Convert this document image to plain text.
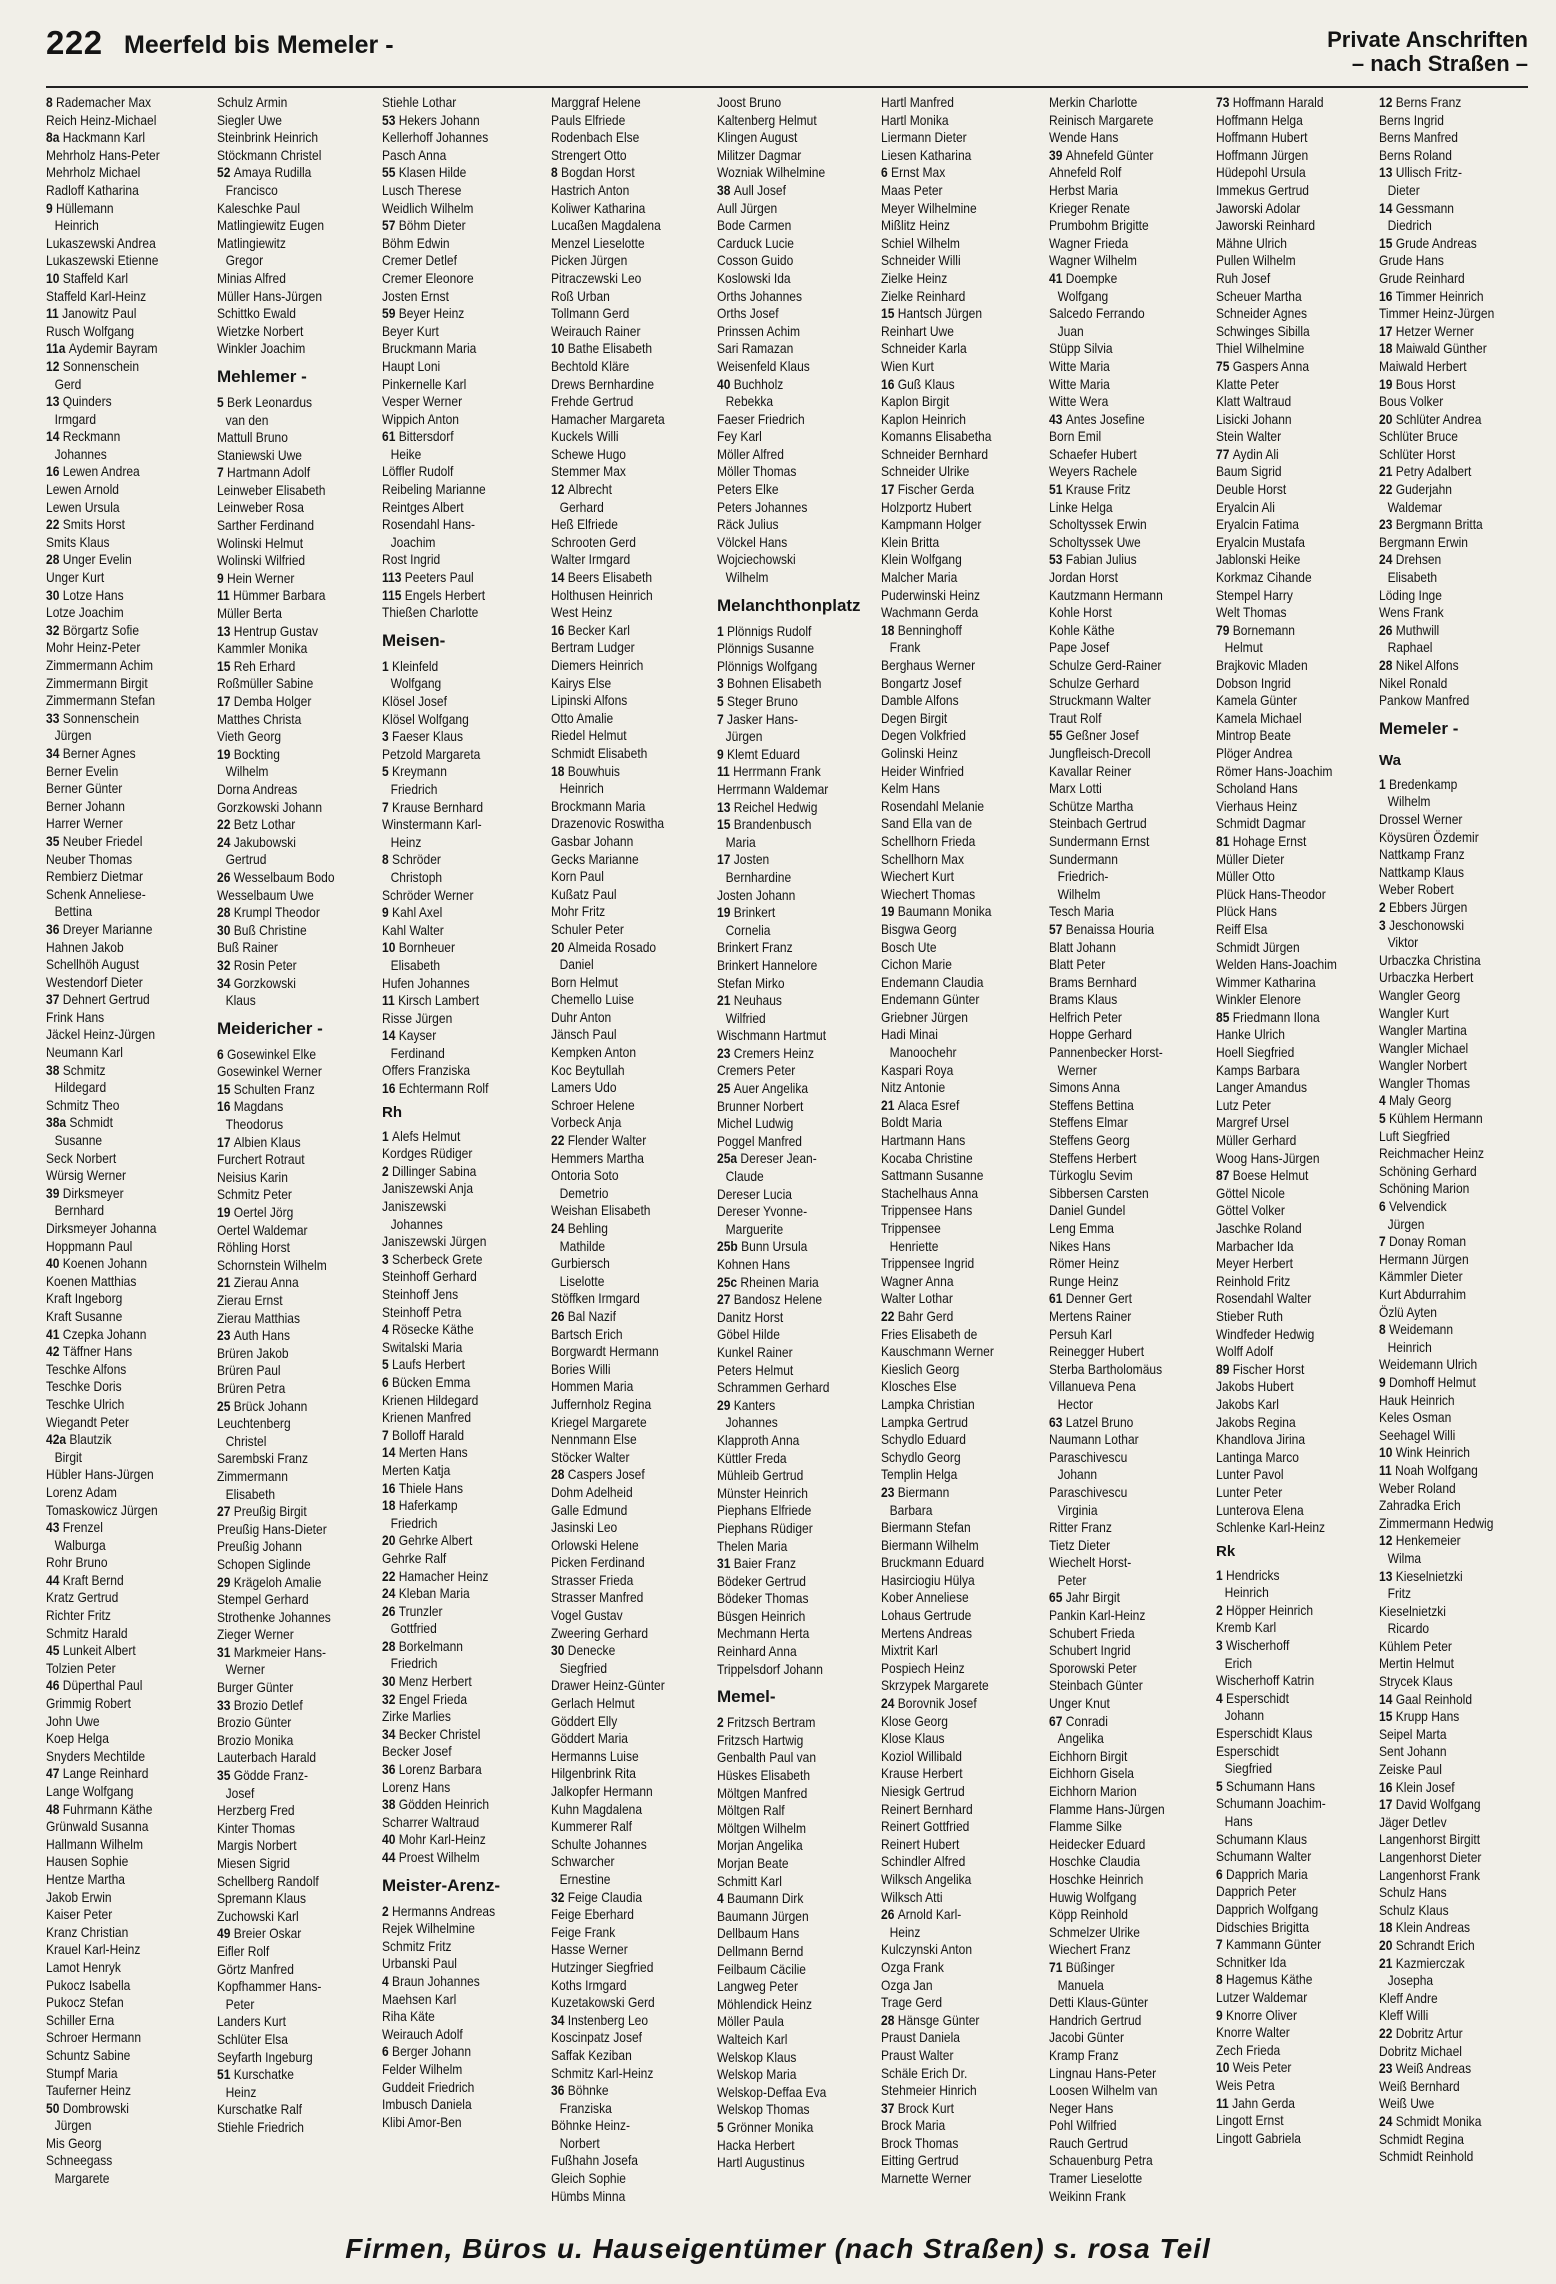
222 Meerfeld bis Memeler -	Private Anschriften
– nach Straßen –
8 Rademacher Max
Reich Heinz-Michael
8a Hackmann Karl
Mehrholz Hans-Peter
Mehrholz Michael
Radloff Katharina
9 Hüllemann
Heinrich
Lukaszewski Andrea
Lukaszewski Etienne
10 Staffeld Karl
Staffeld Karl-Heinz
11 Janowitz Paul
Rusch Wolfgang
11a Aydemir Bayram
12 Sonnenschein
Gerd
13 Quinders
Irmgard
14 Reckmann
Johannes
16 Lewen Andrea
Lewen Arnold
Lewen Ursula
22 Smits Horst
Smits Klaus
28 Unger Evelin
Unger Kurt
30 Lotze Hans
Lotze Joachim
32 Börgartz Sofie
Mohr Heinz-Peter
Zimmermann Achim
Zimmermann Birgit
Zimmermann Stefan
33 Sonnenschein
Jürgen
34 Berner Agnes
Berner Evelin
Berner Günter
Berner Johann
Harrer Werner
35 Neuber Friedel
Neuber Thomas
Rembierz Dietmar
Schenk Anneliese-
Bettina
36 Dreyer Marianne
Hahnen Jakob
Schellhöh August
Westendorf Dieter
37 Dehnert Gertrud
Frink Hans
Jäckel Heinz-Jürgen
Neumann Karl
38 Schmitz
Hildegard
Schmitz Theo
38a Schmidt
Susanne
Seck Norbert
Würsig Werner
39 Dirksmeyer
Bernhard
Dirksmeyer Johanna
Hoppmann Paul
40 Koenen Johann
Koenen Matthias
Kraft Ingeborg
Kraft Susanne
41 Czepka Johann
42 Täffner Hans
Teschke Alfons
Teschke Doris
Teschke Ulrich
Wiegandt Peter
42a Blautzik
Birgit
Hübler Hans-Jürgen
Lorenz Adam
Tomaskowicz Jürgen
43 Frenzel
Walburga
Rohr Bruno
44 Kraft Bernd
Kratz Gertrud
Richter Fritz
Schmitz Harald
45 Lunkeit Albert
Tolzien Peter
46 Düperthal Paul
Grimmig Robert
John Uwe
Koep Helga
Snyders Mechtilde
47 Lange Reinhard
Lange Wolfgang
48 Fuhrmann Käthe
Grünwald Susanna
Hallmann Wilhelm
Hausen Sophie
Hentze Martha
Jakob Erwin
Kaiser Peter
Kranz Christian
Krauel Karl-Heinz
Lamot Henryk
Pukocz Isabella
Pukocz Stefan
Schiller Erna
Schroer Hermann
Schuntz Sabine
Stumpf Maria
Tauferner Heinz
50 Dombrowski
Jürgen
Mis Georg
Schneegass
Margarete
Schulz Armin
Siegler Uwe
Steinbrink Heinrich
Stöckmann Christel
52 Amaya Rudilla
Francisco
Kaleschke Paul
Matlingiewitz Eugen
Matlingiewitz
Gregor
Minias Alfred
Müller Hans-Jürgen
Schittko Ewald
Wietzke Norbert
Winkler Joachim
Mehlemer -
5 Berk Leonardus
van den
Mattull Bruno
Staniewski Uwe
7 Hartmann Adolf
Leinweber Elisabeth
Leinweber Rosa
Sarther Ferdinand
Wolinski Helmut
Wolinski Wilfried
9 Hein Werner
11 Hümmer Barbara
Müller Berta
13 Hentrup Gustav
Kammler Monika
15 Reh Erhard
Roßmüller Sabine
17 Demba Holger
Matthes Christa
Vieth Georg
19 Bockting
Wilhelm
Dorna Andreas
Gorzkowski Johann
22 Betz Lothar
24 Jakubowski
Gertrud
26 Wesselbaum Bodo
Wesselbaum Uwe
28 Krumpl Theodor
30 Buß Christine
Buß Rainer
32 Rosin Peter
34 Gorzkowski
Klaus
Meidericher -
6 Gosewinkel Elke
Gosewinkel Werner
15 Schulten Franz
16 Magdans
Theodorus
17 Albien Klaus
Furchert Rotraut
Neisius Karin
Schmitz Peter
19 Oertel Jörg
Oertel Waldemar
Röhling Horst
Schornstein Wilhelm
21 Zierau Anna
Zierau Ernst
Zierau Matthias
23 Auth Hans
Brüren Jakob
Brüren Paul
Brüren Petra
25 Brück Johann
Leuchtenberg
Christel
Sarembski Franz
Zimmermann
Elisabeth
27 Preußig Birgit
Preußig Hans-Dieter
Preußig Johann
Schopen Siglinde
29 Krägeloh Amalie
Stempel Gerhard
Strothenke Johannes
Zieger Werner
31 Markmeier Hans-
Werner
Burger Günter
33 Brozio Detlef
Brozio Günter
Brozio Monika
Lauterbach Harald
35 Gödde Franz-
Josef
Herzberg Fred
Kinter Thomas
Margis Norbert
Miesen Sigrid
Schellberg Randolf
Spremann Klaus
Zuchowski Karl
49 Breier Oskar
Eifler Rolf
Görtz Manfred
Kopfhammer Hans-
Peter
Landers Kurt
Schlüter Elsa
Seyfarth Ingeburg
51 Kurschatke
Heinz
Kurschatke Ralf
Stiehle Friedrich
Stiehle Lothar
53 Hekers Johann
Kellerhoff Johannes
Pasch Anna
55 Klasen Hilde
Lusch Therese
Weidlich Wilhelm
57 Böhm Dieter
Böhm Edwin
Cremer Detlef
Cremer Eleonore
Josten Ernst
59 Beyer Heinz
Beyer Kurt
Bruckmann Maria
Haupt Loni
Pinkernelle Karl
Vesper Werner
Wippich Anton
61 Bittersdorf
Heike
Löffler Rudolf
Reibeling Marianne
Reintges Albert
Rosendahl Hans-
Joachim
Rost Ingrid
113 Peeters Paul
115 Engels Herbert
Thießen Charlotte
Meisen-
1 Kleinfeld
Wolfgang
Klösel Josef
Klösel Wolfgang
3 Faeser Klaus
Petzold Margareta
5 Kreymann
Friedrich
7 Krause Bernhard
Winstermann Karl-
Heinz
8 Schröder
Christoph
Schröder Werner
9 Kahl Axel
Kahl Walter
10 Bornheuer
Elisabeth
Hufen Johannes
11 Kirsch Lambert
Risse Jürgen
14 Kayser
Ferdinand
Offers Franziska
16 Echtermann Rolf
Rh
1 Alefs Helmut
Kordges Rüdiger
2 Dillinger Sabina
Janiszewski Anja
Janiszewski
Johannes
Janiszewski Jürgen
3 Scherbeck Grete
Steinhoff Gerhard
Steinhoff Jens
Steinhoff Petra
4 Rösecke Käthe
Switalski Maria
5 Laufs Herbert
6 Bücken Emma
Krienen Hildegard
Krienen Manfred
7 Bolloff Harald
14 Merten Hans
Merten Katja
16 Thiele Hans
18 Haferkamp
Friedrich
20 Gehrke Albert
Gehrke Ralf
22 Hamacher Heinz
24 Kleban Maria
26 Trunzler
Gottfried
28 Borkelmann
Friedrich
30 Menz Herbert
32 Engel Frieda
Zirke Marlies
34 Becker Christel
Becker Josef
36 Lorenz Barbara
Lorenz Hans
38 Gödden Heinrich
Scharrer Waltraud
40 Mohr Karl-Heinz
44 Proest Wilhelm
Meister-Arenz-
2 Hermanns Andreas
Rejek Wilhelmine
Schmitz Fritz
Urbanski Paul
4 Braun Johannes
Maehsen Karl
Riha Käte
Weirauch Adolf
6 Berger Johann
Felder Wilhelm
Guddeit Friedrich
Imbusch Daniela
Klibi Amor-Ben
Marggraf Helene
Pauls Elfriede
Rodenbach Else
Strengert Otto
8 Bogdan Horst
Hastrich Anton
Koliwer Katharina
Lucaßen Magdalena
Menzel Lieselotte
Picken Jürgen
Pitraczewski Leo
Roß Urban
Tollmann Gerd
Weirauch Rainer
10 Bathe Elisabeth
Bechtold Kläre
Drews Bernhardine
Frehde Gertrud
Hamacher Margareta
Kuckels Willi
Schewe Hugo
Stemmer Max
12 Albrecht
Gerhard
Heß Elfriede
Schrooten Gerd
Walter Irmgard
14 Beers Elisabeth
Holthusen Heinrich
West Heinz
16 Becker Karl
Bertram Ludger
Diemers Heinrich
Kairys Else
Lipinski Alfons
Otto Amalie
Riedel Helmut
Schmidt Elisabeth
18 Bouwhuis
Heinrich
Brockmann Maria
Drazenovic Roswitha
Gasbar Johann
Gecks Marianne
Korn Paul
Kußatz Paul
Mohr Fritz
Schuler Peter
20 Almeida Rosado
Daniel
Born Helmut
Chemello Luise
Duhr Anton
Jänsch Paul
Kempken Anton
Koc Beytullah
Lamers Udo
Schroer Helene
Vorbeck Anja
22 Flender Walter
Hemmers Martha
Ontoria Soto
Demetrio
Weishan Elisabeth
24 Behling
Mathilde
Gurbiersch
Liselotte
Stöffken Irmgard
26 Bal Nazif
Bartsch Erich
Borgwardt Hermann
Bories Willi
Hommen Maria
Juffernholz Regina
Kriegel Margarete
Nennmann Else
Stöcker Walter
28 Caspers Josef
Dohm Adelheid
Galle Edmund
Jasinski Leo
Orlowski Helene
Picken Ferdinand
Strasser Frieda
Strasser Manfred
Vogel Gustav
Zweering Gerhard
30 Denecke
Siegfried
Drawer Heinz-Günter
Gerlach Helmut
Göddert Elly
Göddert Maria
Hermanns Luise
Hilgenbrink Rita
Jalkopfer Hermann
Kuhn Magdalena
Kummerer Ralf
Schulte Johannes
Schwarcher
Ernestine
32 Feige Claudia
Feige Eberhard
Feige Frank
Hasse Werner
Hutzinger Siegfried
Koths Irmgard
Kuzetakowski Gerd
34 Instenberg Leo
Koscinpatz Josef
Saffak Keziban
Schmitz Karl-Heinz
36 Böhnke
Franziska
Böhnke Heinz-
Norbert
Fußhahn Josefa
Gleich Sophie
Hümbs Minna
Joost Bruno
Kaltenberg Helmut
Klingen August
Militzer Dagmar
Wozniak Wilhelmine
38 Aull Josef
Aull Jürgen
Bode Carmen
Carduck Lucie
Cosson Guido
Koslowski Ida
Orths Johannes
Orths Josef
Prinssen Achim
Sari Ramazan
Weisenfeld Klaus
40 Buchholz
Rebekka
Faeser Friedrich
Fey Karl
Möller Alfred
Möller Thomas
Peters Elke
Peters Johannes
Räck Julius
Völckel Hans
Wojciechowski
Wilhelm
Melanchthonplatz
1 Plönnigs Rudolf
Plönnigs Susanne
Plönnigs Wolfgang
3 Bohnen Elisabeth
5 Steger Bruno
7 Jasker Hans-
Jürgen
9 Klemt Eduard
11 Herrmann Frank
Herrmann Waldemar
13 Reichel Hedwig
15 Brandenbusch
Maria
17 Josten
Bernhardine
Josten Johann
19 Brinkert
Cornelia
Brinkert Franz
Brinkert Hannelore
Stefan Mirko
21 Neuhaus
Wilfried
Wischmann Hartmut
23 Cremers Heinz
Cremers Peter
25 Auer Angelika
Brunner Norbert
Michel Ludwig
Poggel Manfred
25a Dereser Jean-
Claude
Dereser Lucia
Dereser Yvonne-
Marguerite
25b Bunn Ursula
Kohnen Hans
25c Rheinen Maria
27 Bandosz Helene
Danitz Horst
Göbel Hilde
Kunkel Rainer
Peters Helmut
Schrammen Gerhard
29 Kanters
Johannes
Klapproth Anna
Küttler Freda
Mühleib Gertrud
Münster Heinrich
Piephans Elfriede
Piephans Rüdiger
Thelen Maria
31 Baier Franz
Bödeker Gertrud
Bödeker Thomas
Büsgen Heinrich
Mechmann Herta
Reinhard Anna
Trippelsdorf Johann
Memel-
2 Fritzsch Bertram
Fritzsch Hartwig
Genbalth Paul van
Hüskes Elisabeth
Möltgen Manfred
Möltgen Ralf
Möltgen Wilhelm
Morjan Angelika
Morjan Beate
Schmitt Karl
4 Baumann Dirk
Baumann Jürgen
Dellbaum Hans
Dellmann Bernd
Feilbaum Cäcilie
Langweg Peter
Möhlendick Heinz
Möller Paula
Walteich Karl
Welskop Klaus
Welskop Maria
Welskop-Deffaa Eva
Welskop Thomas
5 Grönner Monika
Hacka Herbert
Hartl Augustinus
Hartl Manfred
Hartl Monika
Liermann Dieter
Liesen Katharina
6 Ernst Max
Maas Peter
Meyer Wilhelmine
Mißlitz Heinz
Schiel Wilhelm
Schneider Willi
Zielke Heinz
Zielke Reinhard
15 Hantsch Jürgen
Reinhart Uwe
Schneider Karla
Wien Kurt
16 Guß Klaus
Kaplon Birgit
Kaplon Heinrich
Komanns Elisabetha
Schneider Bernhard
Schneider Ulrike
17 Fischer Gerda
Holzportz Hubert
Kampmann Holger
Klein Britta
Klein Wolfgang
Malcher Maria
Puderwinski Heinz
Wachmann Gerda
18 Benninghoff
Frank
Berghaus Werner
Bongartz Josef
Damble Alfons
Degen Birgit
Degen Volkfried
Golinski Heinz
Heider Winfried
Kelm Hans
Rosendahl Melanie
Sand Ella van de
Schellhorn Frieda
Schellhorn Max
Wiechert Kurt
Wiechert Thomas
19 Baumann Monika
Bisgwa Georg
Bosch Ute
Cichon Marie
Endemann Claudia
Endemann Günter
Griebner Jürgen
Hadi Minai
Manoochehr
Kaspari Roya
Nitz Antonie
21 Alaca Esref
Boldt Maria
Hartmann Hans
Kocaba Christine
Sattmann Susanne
Stachelhaus Anna
Trippensee Hans
Trippensee
Henriette
Trippensee Ingrid
Wagner Anna
Walter Lothar
22 Bahr Gerd
Fries Elisabeth de
Kauschmann Werner
Kieslich Georg
Klosches Else
Lampka Christian
Lampka Gertrud
Schydlo Eduard
Schydlo Georg
Templin Helga
23 Biermann
Barbara
Biermann Stefan
Biermann Wilhelm
Bruckmann Eduard
Hasirciogiu Hülya
Kober Anneliese
Lohaus Gertrude
Mertens Andreas
Mixtrit Karl
Pospiech Heinz
Skrzypek Margarete
24 Borovnik Josef
Klose Georg
Klose Klaus
Koziol Willibald
Krause Herbert
Niesigk Gertrud
Reinert Bernhard
Reinert Gottfried
Reinert Hubert
Schindler Alfred
Wilksch Angelika
Wilksch Atti
26 Arnold Karl-
Heinz
Kulczynski Anton
Ozga Frank
Ozga Jan
Trage Gerd
28 Hänsge Günter
Praust Daniela
Praust Walter
Schäle Erich Dr.
Stehmeier Hinrich
37 Brock Kurt
Brock Maria
Brock Thomas
Eitting Gertrud
Marnette Werner
Merkin Charlotte
Reinisch Margarete
Wende Hans
39 Ahnefeld Günter
Ahnefeld Rolf
Herbst Maria
Krieger Renate
Prumbohm Brigitte
Wagner Frieda
Wagner Wilhelm
41 Doempke
Wolfgang
Salcedo Ferrando
Juan
Stüpp Silvia
Witte Maria
Witte Maria
Witte Wera
43 Antes Josefine
Born Emil
Schaefer Hubert
Weyers Rachele
51 Krause Fritz
Linke Helga
Scholtyssek Erwin
Scholtyssek Uwe
53 Fabian Julius
Jordan Horst
Kautzmann Hermann
Kohle Horst
Kohle Käthe
Pape Josef
Schulze Gerd-Rainer
Schulze Gerhard
Struckmann Walter
Traut Rolf
55 Geßner Josef
Jungfleisch-Drecoll
Kavallar Reiner
Marx Lotti
Schütze Martha
Steinbach Gertrud
Sundermann Ernst
Sundermann
Friedrich-
Wilhelm
Tesch Maria
57 Benaissa Houria
Blatt Johann
Blatt Peter
Brams Bernhard
Brams Klaus
Helfrich Peter
Hoppe Gerhard
Pannenbecker Horst-
Werner
Simons Anna
Steffens Bettina
Steffens Elmar
Steffens Georg
Steffens Herbert
Türkoglu Sevim
Sibbersen Carsten
Daniel Gundel
Leng Emma
Nikes Hans
Römer Heinz
Runge Heinz
61 Denner Gert
Mertens Rainer
Persuh Karl
Reinegger Hubert
Sterba Bartholomäus
Villanueva Pena
Hector
63 Latzel Bruno
Naumann Lothar
Paraschivescu
Johann
Paraschivescu
Virginia
Ritter Franz
Tietz Dieter
Wiechelt Horst-
Peter
65 Jahr Birgit
Pankin Karl-Heinz
Schubert Frieda
Schubert Ingrid
Sporowski Peter
Steinbach Günter
Unger Knut
67 Conradi
Angelika
Eichhorn Birgit
Eichhorn Gisela
Eichhorn Marion
Flamme Hans-Jürgen
Flamme Silke
Heidecker Eduard
Hoschke Claudia
Hoschke Heinrich
Huwig Wolfgang
Köpp Reinhold
Schmelzer Ulrike
Wiechert Franz
71 Büßinger
Manuela
Detti Klaus-Günter
Handrich Gertrud
Jacobi Günter
Kramp Franz
Lingnau Hans-Peter
Loosen Wilhelm van
Neger Hans
Pohl Wilfried
Rauch Gertrud
Schauenburg Petra
Tramer Lieselotte
Weikinn Frank
73 Hoffmann Harald
Hoffmann Helga
Hoffmann Hubert
Hoffmann Jürgen
Hüdepohl Ursula
Immekus Gertrud
Jaworski Adolar
Jaworski Reinhard
Mähne Ulrich
Pullen Wilhelm
Ruh Josef
Scheuer Martha
Schneider Agnes
Schwinges Sibilla
Thiel Wilhelmine
75 Gaspers Anna
Klatte Peter
Klatt Waltraud
Lisicki Johann
Stein Walter
77 Aydin Ali
Baum Sigrid
Deuble Horst
Eryalcin Ali
Eryalcin Fatima
Eryalcin Mustafa
Jablonski Heike
Korkmaz Cihande
Stempel Harry
Welt Thomas
79 Bornemann
Helmut
Brajkovic Mladen
Dobson Ingrid
Kamela Günter
Kamela Michael
Mintrop Beate
Plöger Andrea
Römer Hans-Joachim
Scholand Hans
Vierhaus Heinz
Schmidt Dagmar
81 Hohage Ernst
Müller Dieter
Müller Otto
Plück Hans-Theodor
Plück Hans
Reiff Elsa
Schmidt Jürgen
Welden Hans-Joachim
Wimmer Katharina
Winkler Elenore
85 Friedmann Ilona
Hanke Ulrich
Hoell Siegfried
Kamps Barbara
Langer Amandus
Lutz Peter
Margref Ursel
Müller Gerhard
Woog Hans-Jürgen
87 Boese Helmut
Göttel Nicole
Göttel Volker
Jaschke Roland
Marbacher Ida
Meyer Herbert
Reinhold Fritz
Rosendahl Walter
Stieber Ruth
Windfeder Hedwig
Wolff Adolf
89 Fischer Horst
Jakobs Hubert
Jakobs Karl
Jakobs Regina
Khandlova Jirina
Lantinga Marco
Lunter Pavol
Lunter Peter
Lunterova Elena
Schlenke Karl-Heinz
Rk
1 Hendricks
Heinrich
2 Höpper Heinrich
Kremb Karl
3 Wischerhoff
Erich
Wischerhoff Katrin
4 Esperschidt
Johann
Esperschidt Klaus
Esperschidt
Siegfried
5 Schumann Hans
Schumann Joachim-
Hans
Schumann Klaus
Schumann Walter
6 Dapprich Maria
Dapprich Peter
Dapprich Wolfgang
Didschies Brigitta
7 Kammann Günter
Schnitker Ida
8 Hagemus Käthe
Lutzer Waldemar
9 Knorre Oliver
Knorre Walter
Zech Frieda
10 Weis Peter
Weis Petra
11 Jahn Gerda
Lingott Ernst
Lingott Gabriela
12 Berns Franz
Berns Ingrid
Berns Manfred
Berns Roland
13 Ullisch Fritz-
Dieter
14 Gessmann
Diedrich
15 Grude Andreas
Grude Hans
Grude Reinhard
16 Timmer Heinrich
Timmer Heinz-Jürgen
17 Hetzer Werner
18 Maiwald Günther
Maiwald Herbert
19 Bous Horst
Bous Volker
20 Schlüter Andrea
Schlüter Bruce
Schlüter Horst
21 Petry Adalbert
22 Guderjahn
Waldemar
23 Bergmann Britta
Bergmann Erwin
24 Drehsen
Elisabeth
Löding Inge
Wens Frank
26 Muthwill
Raphael
28 Nikel Alfons
Nikel Ronald
Pankow Manfred
Memeler -
Wa
1 Bredenkamp
Wilhelm
Drossel Werner
Köysüren Özdemir
Nattkamp Franz
Nattkamp Klaus
Weber Robert
2 Ebbers Jürgen
3 Jeschonowski
Viktor
Urbaczka Christina
Urbaczka Herbert
Wangler Georg
Wangler Kurt
Wangler Martina
Wangler Michael
Wangler Norbert
Wangler Thomas
4 Maly Georg
5 Kühlem Hermann
Luft Siegfried
Reichmacher Heinz
Schöning Gerhard
Schöning Marion
6 Velvendick
Jürgen
7 Donay Roman
Hermann Jürgen
Kämmler Dieter
Kurt Abdurrahim
Özlü Ayten
8 Weidemann
Heinrich
Weidemann Ulrich
9 Domhoff Helmut
Hauk Heinrich
Keles Osman
Seehagel Willi
10 Wink Heinrich
11 Noah Wolfgang
Weber Roland
Zahradka Erich
Zimmermann Hedwig
12 Henkemeier
Wilma
13 Kieselnietzki
Fritz
Kieselnietzki
Ricardo
Kühlem Peter
Mertin Helmut
Strycek Klaus
14 Gaal Reinhold
15 Krupp Hans
Seipel Marta
Sent Johann
Zeiske Paul
16 Klein Josef
17 David Wolfgang
Jäger Detlev
Langenhorst Birgitt
Langenhorst Dieter
Langenhorst Frank
Schulz Hans
Schulz Klaus
18 Klein Andreas
20 Schrandt Erich
21 Kazmierczak
Josepha
Kleff Andre
Kleff Willi
22 Dobritz Artur
Dobritz Michael
23 Weiß Andreas
Weiß Bernhard
Weiß Uwe
24 Schmidt Monika
Schmidt Regina
Schmidt Reinhold
Firmen, Büros u. Hauseigentümer (nach Straßen) s. rosa Teil
